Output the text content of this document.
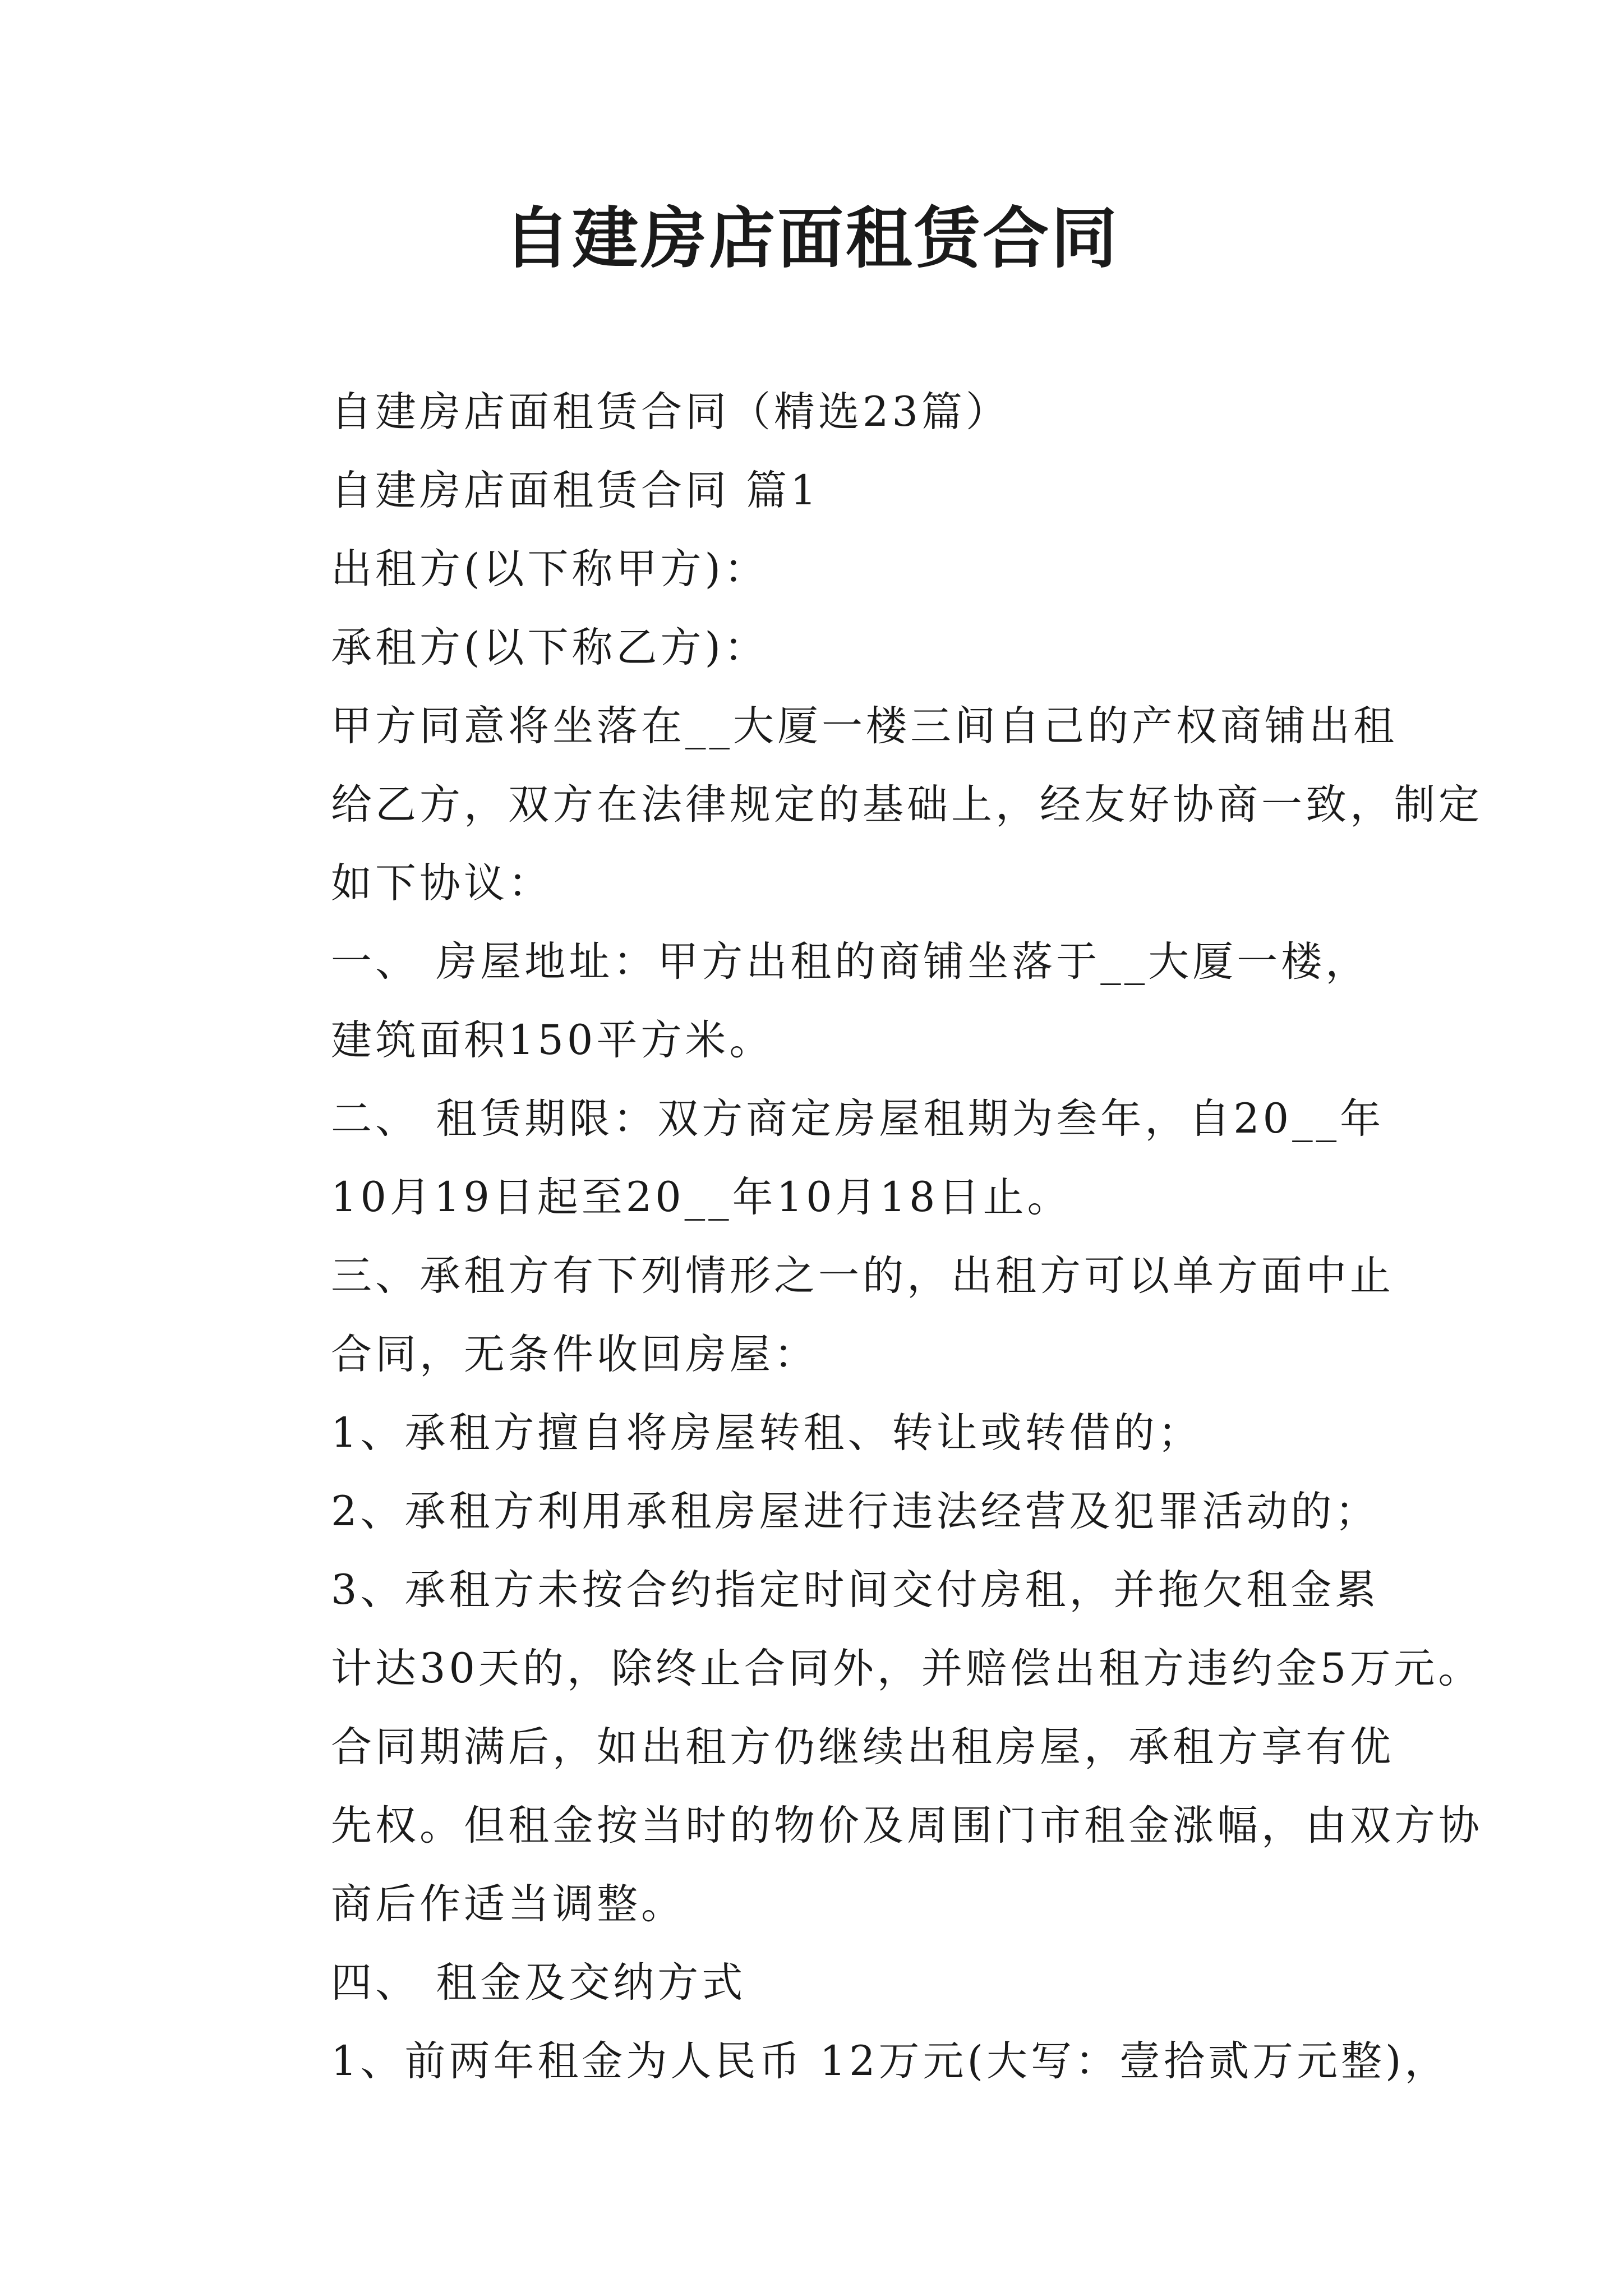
自建房店面租赁合同

自建房店面租赁合同（精选23篇）

自建房店面租赁合同 篇1

出租方(以下称甲方)：

承租方(以下称乙方)：

甲方同意将坐落在__大厦一楼三间自己的产权商铺出租
给乙方，双方在法律规定的基础上，经友好协商一致，制定
如下协议：

一、 房屋地址：甲方出租的商铺坐落于__大厦一楼，
建筑面积150平方米。

二、 租赁期限：双方商定房屋租期为叁年，自20__年
10月19日起至20__年10月18日止。

三、承租方有下列情形之一的，出租方可以单方面中止
合同，无条件收回房屋：

1、承租方擅自将房屋转租、转让或转借的；

2、承租方利用承租房屋进行违法经营及犯罪活动的；

3、承租方未按合约指定时间交付房租，并拖欠租金累
计达30天的，除终止合同外，并赔偿出租方违约金5万元。

合同期满后，如出租方仍继续出租房屋，承租方享有优
先权。但租金按当时的物价及周围门市租金涨幅，由双方协
商后作适当调整。

四、 租金及交纳方式

1、前两年租金为人民币 12万元(大写：壹拾贰万元整)，
